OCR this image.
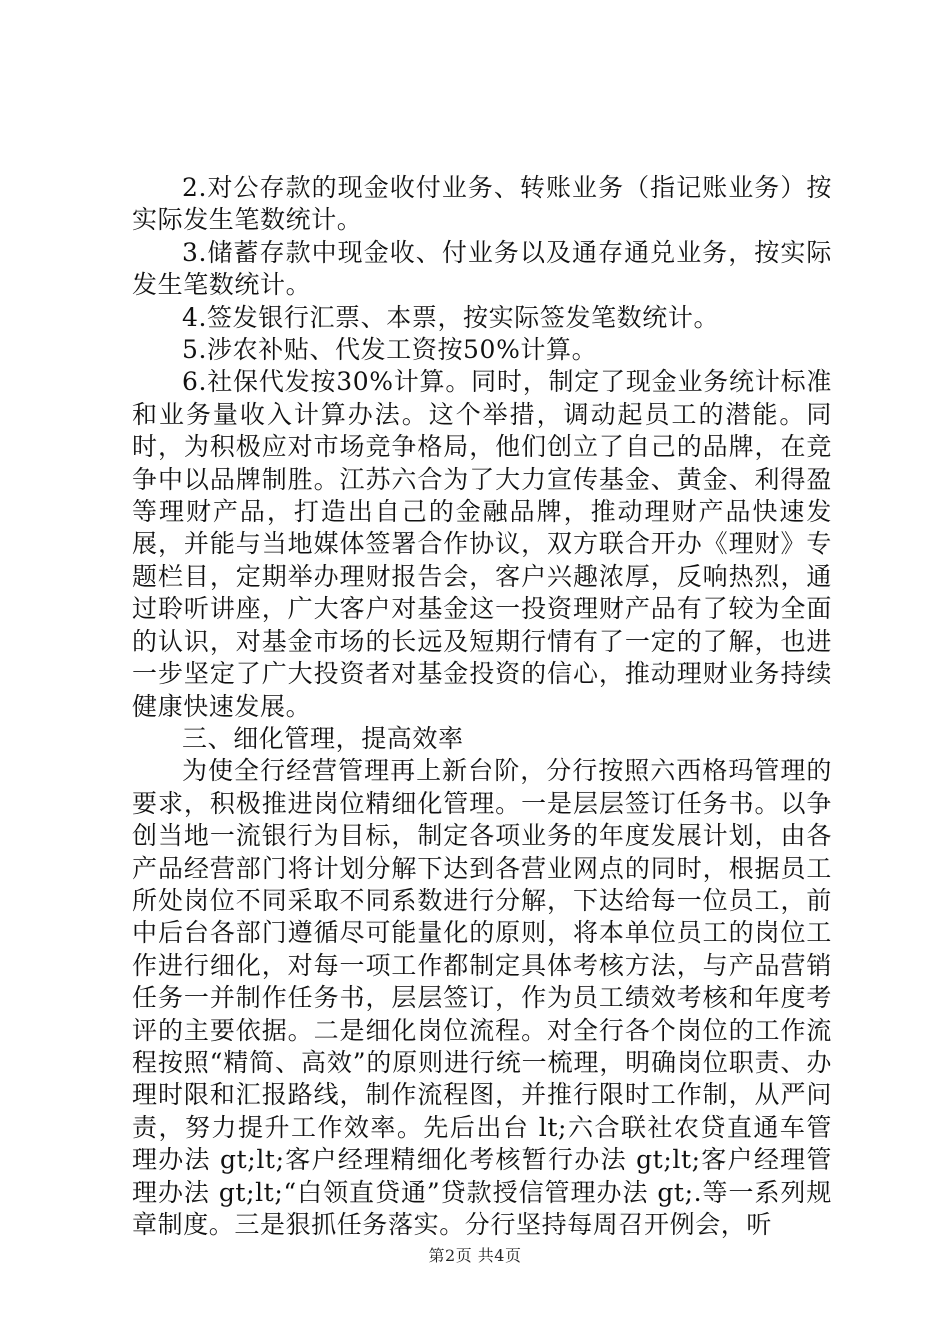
2.对公存款的现金收付业务、转账业务（指记账业务）按实际发生笔数统计。

3.储蓄存款中现金收、付业务以及通存通兑业务，按实际发生笔数统计。

4.签发银行汇票、本票，按实际签发笔数统计。

5.涉农补贴、代发工资按50%计算。

6.社保代发按30%计算。同时，制定了现金业务统计标准和业务量收入计算办法。这个举措，调动起员工的潜能。同时，为积极应对市场竞争格局，他们创立了自己的品牌，在竞争中以品牌制胜。江苏六合为了大力宣传基金、黄金、利得盈等理财产品，打造出自己的金融品牌，推动理财产品快速发展，并能与当地媒体签署合作协议，双方联合开办《理财》专题栏目，定期举办理财报告会，客户兴趣浓厚，反响热烈，通过聆听讲座，广大客户对基金这一投资理财产品有了较为全面的认识，对基金市场的长远及短期行情有了一定的了解，也进一步坚定了广大投资者对基金投资的信心，推动理财业务持续健康快速发展。

三、细化管理，提高效率

为使全行经营管理再上新台阶，分行按照六西格玛管理的要求，积极推进岗位精细化管理。一是层层签订任务书。以争创当地一流银行为目标，制定各项业务的年度发展计划，由各产品经营部门将计划分解下达到各营业网点的同时，根据员工所处岗位不同采取不同系数进行分解，下达给每一位员工，前中后台各部门遵循尽可能量化的原则，将本单位员工的岗位工作进行细化，对每一项工作都制定具体考核方法，与产品营销任务一并制作任务书，层层签订，作为员工绩效考核和年度考评的主要依据。二是细化岗位流程。对全行各个岗位的工作流程按照“精简、高效”的原则进行统一梳理，明确岗位职责、办理时限和汇报路线，制作流程图，并推行限时工作制，从严问责，努力提升工作效率。先后出台 lt;六合联社农贷直通车管理办法 gt;lt;客户经理精细化考核暂行办法 gt;lt;客户经理管理办法 gt;lt;“白领直贷通”贷款授信管理办法 gt;.等一系列规章制度。三是狠抓任务落实。分行坚持每周召开例会，听

第2页 共4页
